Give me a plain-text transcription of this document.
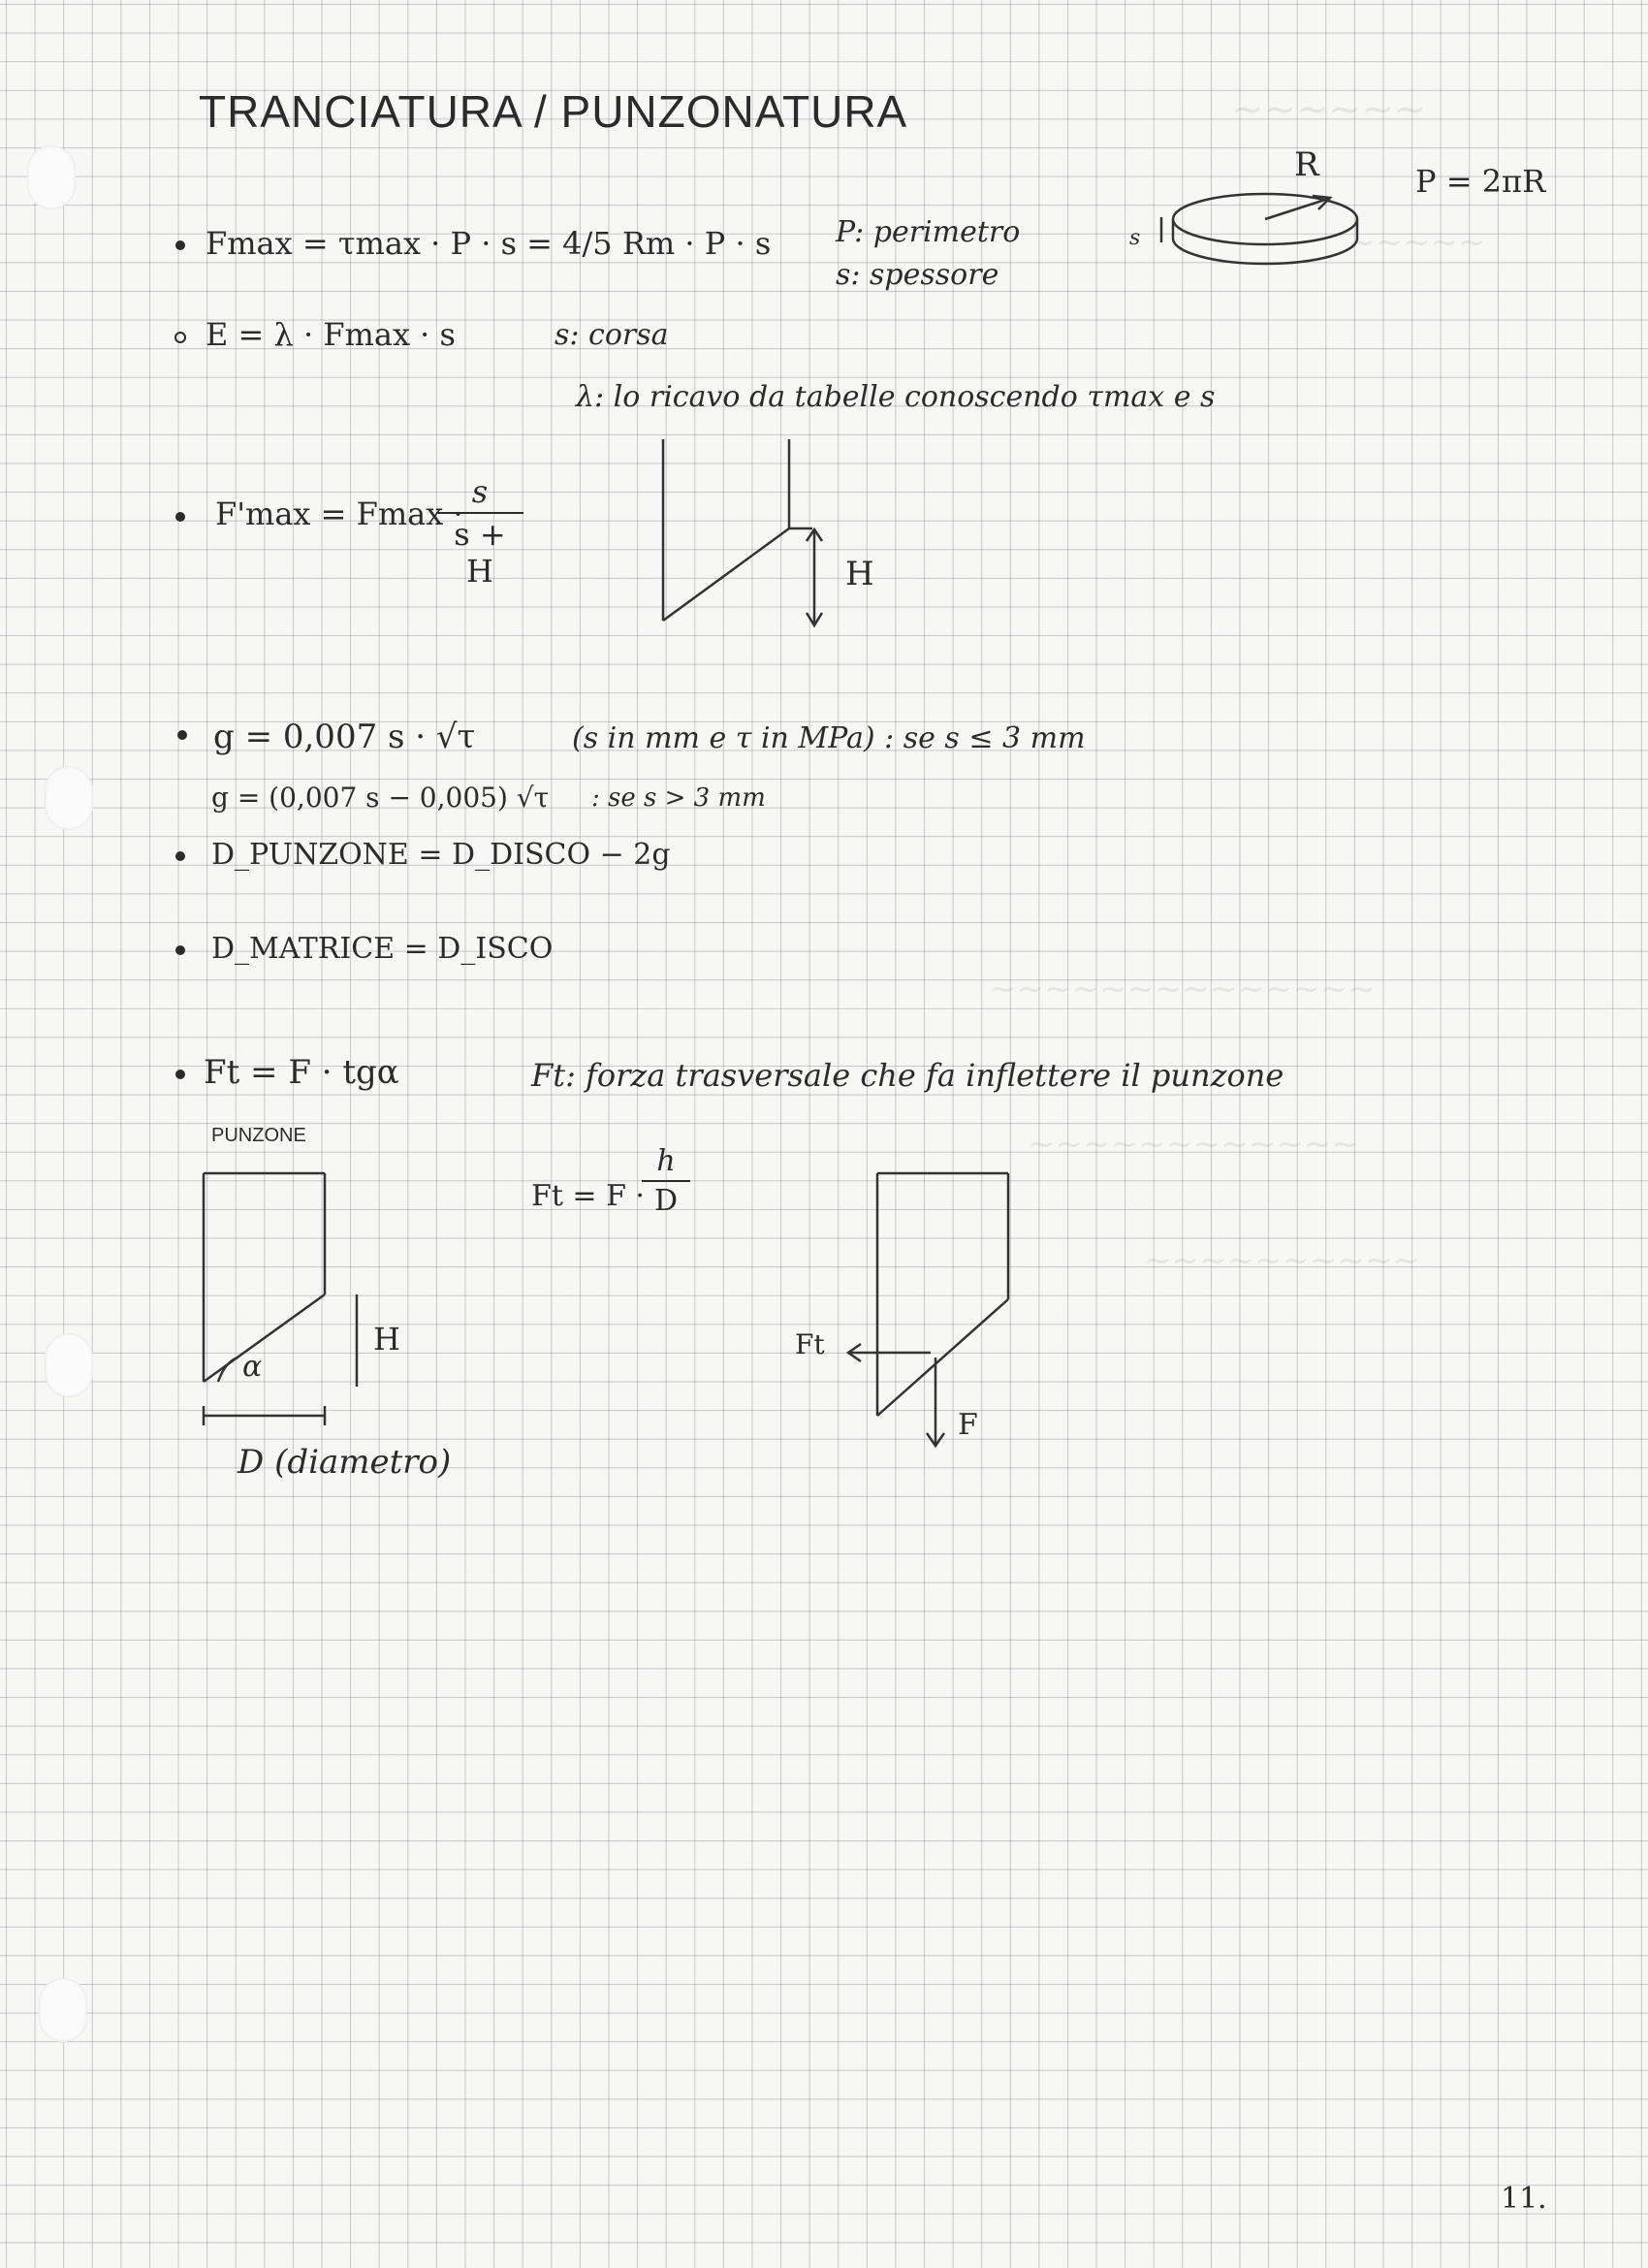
~~~~~~
~~~~~
~~~~~~~~~~~~~~
~~~~~~~~~~~~
~~~~~~~~~~
TRANCIATURA / PUNZONATURA
R	P = 2πR
s
Fmax = τmax · P · s = 4/5 Rm · P · s P: perimetro
s: spessore
E = λ · Fmax · s	s: corsa
λ: lo ricavo da tabelle conoscendo τmax e s
F'max = Fmax ·
s
s + H	H
g = 0,007 s · √τ	(s in mm e τ in MPa) : se s ≤ 3 mm
g = (0,007 s − 0,005) √τ : se s > 3 mm
D_PUNZONE = D_DISCO − 2g
D_MATRICE = D_ISCO
Ft = F · tgα	Ft: forza trasversale che fa inflettere il punzone
PUNZONE
Ft = F ·
h
D
H
α
D (diametro)
Ft
F
11.
